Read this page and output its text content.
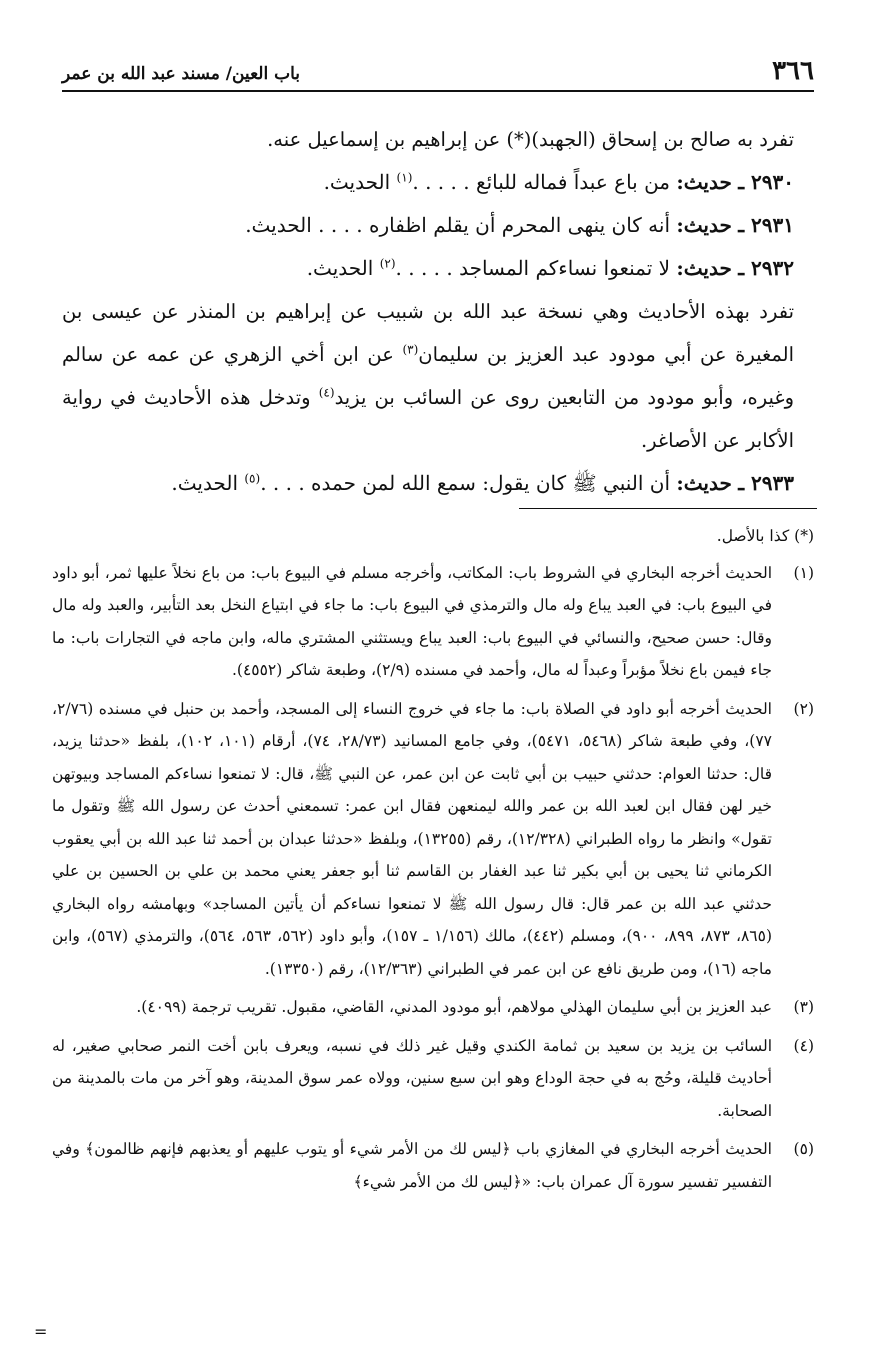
٣٦٦
باب العين/ مسند عبد الله بن عمر

تفرد به صالح بن إسحاق (الجهبد)(*) عن إبراهيم بن إسماعيل عنه.

٢٩٣٠ ـ حديث: من باع عبداً فماله للبائع . . . . .$^{(١)}$ الحديث.

٢٩٣١ ـ حديث: أنه كان ينهى المحرم أن يقلم اظفاره . . . . الحديث.

٢٩٣٢ ـ حديث: لا تمنعوا نساءكم المساجد . . . . .$^{(٢)}$ الحديث.

تفرد بهذه الأحاديث وهي نسخة عبد الله بن شبيب عن إبراهيم بن المنذر عن عيسى بن المغيرة عن أبي مودود عبد العزيز بن سليمان$^{(٣)}$ عن ابن أخي الزهري عن عمه عن سالم وغيره، وأبو مودود من التابعين روى عن السائب بن يزيد$^{(٤)}$ وتدخل هذه الأحاديث في رواية الأكابر عن الأصاغر.

٢٩٣٣ ـ حديث: أن النبي ﷺ كان يقول: سمع الله لمن حمده . . . .$^{(٥)}$ الحديث.

(*) كذا بالأصل.
(١)
الحديث أخرجه البخاري في الشروط باب: المكاتب، وأخرجه مسلم في البيوع باب: من باع نخلاً عليها ثمر، أبو داود في البيوع باب: في العبد يباع وله مال والترمذي في البيوع باب: ما جاء في ابتياع النخل بعد التأبير، والعبد وله مال وقال: حسن صحيح، والنسائي في البيوع باب: العبد يباع ويستثني المشتري ماله، وابن ماجه في التجارات باب: ما جاء فيمن باع نخلاً مؤبراً وعبداً له مال، وأحمد في مسنده (٢/٩)، وطبعة شاكر (٤٥٥٢).
(٢)
الحديث أخرجه أبو داود في الصلاة باب: ما جاء في خروج النساء إلى المسجد، وأحمد بن حنبل في مسنده (٢/٧٦، ٧٧)، وفي طبعة شاكر (٥٤٦٨، ٥٤٧١)، وفي جامع المسانيد (٢٨/٧٣، ٧٤)، أرقام (١٠١، ١٠٢)، بلفظ «حدثنا يزيد، قال: حدثنا العوام: حدثني حبيب بن أبي ثابت عن ابن عمر، عن النبي ﷺ، قال: لا تمنعوا نساءكم المساجد وبيوتهن خير لهن فقال ابن لعبد الله بن عمر والله ليمنعهن فقال ابن عمر: تسمعني أحدث عن رسول الله ﷺ وتقول ما تقول» وانظر ما رواه الطبراني (١٢/٣٢٨)، رقم (١٣٢٥٥)، وبلفظ «حدثنا عبدان بن أحمد ثنا عبد الله بن أبي يعقوب الكرماني ثنا يحيى بن أبي بكير ثنا عبد الغفار بن القاسم ثنا أبو جعفر يعني محمد بن علي بن الحسين بن علي حدثني عبد الله بن عمر قال: قال رسول الله ﷺ لا تمنعوا نساءكم أن يأتين المساجد» وبهامشه رواه البخاري (٨٦٥، ٨٧٣، ٨٩٩، ٩٠٠)، ومسلم (٤٤٢)، مالك (١/١٥٦ ـ ١٥٧)، وأبو داود (٥٦٢، ٥٦٣، ٥٦٤)، والترمذي (٥٦٧)، وابن ماجه (١٦)، ومن طريق نافع عن ابن عمر في الطبراني (١٢/٣٦٣)، رقم (١٣٣٥٠).
(٣)
عبد العزيز بن أبي سليمان الهذلي مولاهم، أبو مودود المدني، القاضي، مقبول. تقريب ترجمة (٤٠٩٩).
(٤)
السائب بن يزيد بن سعيد بن ثمامة الكندي وقيل غير ذلك في نسبه، ويعرف بابن أخت النمر صحابي صغير، له أحاديث قليلة، وحُج به في حجة الوداع وهو ابن سبع سنين، وولاه عمر سوق المدينة، وهو آخر من مات بالمدينة من الصحابة.
(٥)
الحديث أخرجه البخاري في المغازي باب ﴿ليس لك من الأمر شيء أو يتوب عليهم أو يعذبهم فإنهم ظالمون﴾ وفي التفسير تفسير سورة آل عمران باب: «﴿ليس لك من الأمر شيء﴾
=
